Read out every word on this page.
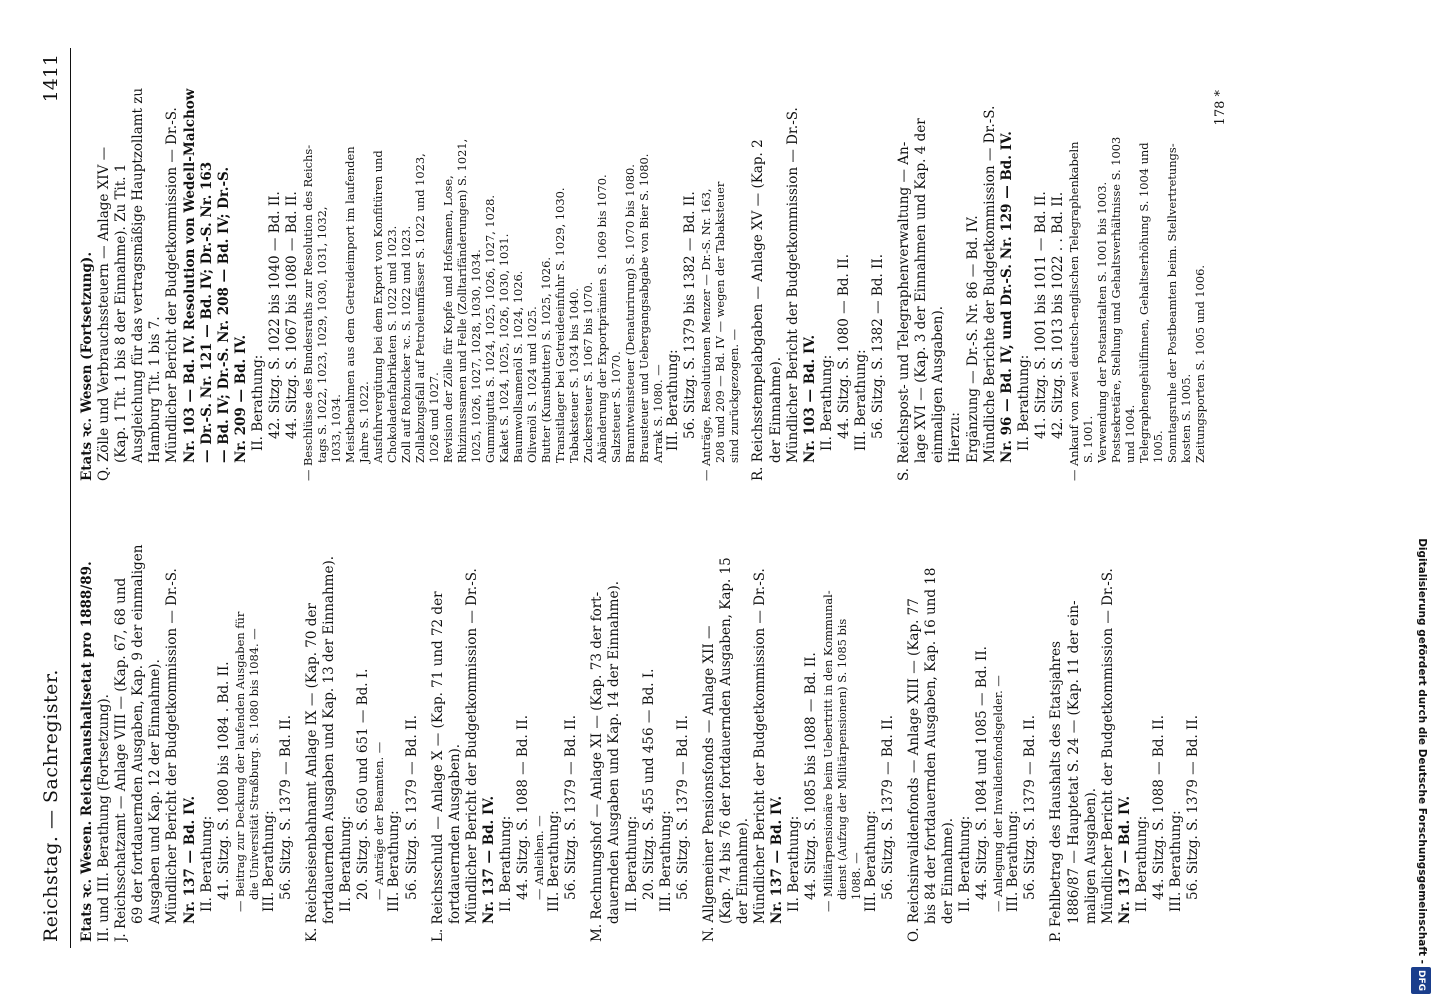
Reichstag. — Sachregister.
1411
Etats ꝛc. Wesen. Reichshaushaltsetat pro 1888/89. II. und III. Berathung (Fortsetzung). J. Reichsschatzamt — Anlage VIII — (Kap. 67, 68 und 69 der fortdauernden Ausgaben, Kap. 9 der einmaligen Ausgaben und Kap. 12 der Einnahme). Mündlicher Bericht der Budgetkommission — Dr.-S. Nr. 137 — Bd. IV. II. Berathung: 41. Sitzg. S. 1080 bis 1084 . Bd. II. — Beitrag zur Deckung der laufenden Ausgaben für die Universität Straßburg. S. 1080 bis 1084. — III. Berathung: 56. Sitzg. S. 1379 — Bd. II. K. Reichseisenbahnamt Anlage IX — (Kap. 70 der fortdauernden Ausgaben und Kap. 13 der Einnahme). II. Berathung: 20. Sitzg. S. 650 und 651 — Bd. I. — Anträge der Beamten. — III. Berathung: 56. Sitzg. S. 1379 — Bd. II. L. Reichsschuld — Anlage X — (Kap. 71 und 72 der fortdauernden Ausgaben). Mündlicher Bericht der Budgetkommission — Dr.-S. Nr. 137 — Bd. IV. II. Berathung: 44. Sitzg. S. 1088 — Bd. II. — Anleihen. — III. Berathung: 56. Sitzg. S. 1379 — Bd. II. M. Rechnungshof — Anlage XI — (Kap. 73 der fort- dauernden Ausgaben und Kap. 14 der Einnahme). II. Berathung: 20. Sitzg. S. 455 und 456 — Bd. I. III. Berathung: 56. Sitzg. S. 1379 — Bd. II. N. Allgemeiner Pensionsfonds — Anlage XII — (Kap. 74 bis 76 der fortdauernden Ausgaben, Kap. 15 der Einnahme). Mündlicher Bericht der Budgetkommission — Dr.-S. Nr. 137 — Bd. IV. II. Berathung: 44. Sitzg. S. 1085 bis 1088 — Bd. II. — Militärpensionäre beim Uebertritt in den Kommunal- dienst (Aufzug der Militärpensionen) S. 1085 bis 1088. — III. Berathung: 56. Sitzg. S. 1379 — Bd. II. O. Reichsinvalidenfonds — Anlage XIII — (Kap. 77 bis 84 der fortdauernden Ausgaben, Kap. 16 und 18 der Einnahme). II. Berathung: 44. Sitzg. S. 1084 und 1085 — Bd. II. — Anlegung der Invalidenfondsgelder. — III. Berathung: 56. Sitzg. S. 1379 — Bd. II. P. Fehlbetrag des Haushalts des Etatsjahres 1886/87 — Hauptetat S. 24 — (Kap. 11 der ein- maligen Ausgaben). Mündlicher Bericht der Budgetkommission — Dr.-S. Nr. 137 — Bd. IV. II. Berathung: 44. Sitzg. S. 1088 — Bd. II. III. Berathung: 56. Sitzg. S. 1379 — Bd. II.
Etats ꝛc. Wesen (Fortsetzung). Q. Zölle und Verbrauchssteuern — Anlage XIV — (Kap. 1 Tit. 1 bis 8 der Einnahme). Zu Tit. 1 Ausgleichung für das vertragsmäßige Hauptzollamt zu Hamburg Tit. 1 bis 7. Mündlicher Bericht der Budgetkommission — Dr.-S. Nr. 103 — Bd. IV. Resolution von Wedell-Malchow — Dr.-S. Nr. 121 — Bd. IV; Dr.-S. Nr. 163 — Bd. IV; Dr.-S. Nr. 208 — Bd. IV; Dr.-S. Nr. 209 — Bd. IV. II. Berathung: 42. Sitzg. S. 1022 bis 1040 — Bd. II. 44. Sitzg. S. 1067 bis 1080 — Bd. II. — Beschlüsse des Bundesraths zur Resolution des Reichs- tags S. 1022, 1023, 1029, 1030, 1031, 1032, 1033, 1034. Meistbenahmen aus dem Getreideimport im laufenden Jahre S. 1022. Ausfuhrvergütung bei dem Export von Konfitüren und Chokoladenfabrikaten S. 1022 und 1023. Zoll auf Rohzucker ꝛc. S. 1022 und 1023. Zollabzugsfall auf Petroleumfässer S. 1022 und 1023, 1026 und 1027. Revision der Zölle für Kopfe und Hofsamen, Lose, Rhizinussamen und Felle (Zolltarifänderungen) S. 1021, 1025, 1026, 1027, 1028, 1030, 1034. Gummigutta S. 1024, 1025, 1026, 1027, 1028. Kaket S. 1024, 1025, 1026, 1030, 1031. Baumwollsamenöl S. 1024, 1026. Olivenöl S. 1024 und 1025. Butter (Kunstbutter) S. 1025, 1026. Transitlager bei Getreideeinfuhr S. 1029, 1030. Tabaksteuer S. 1034 bis 1040. Zuckersteuer S. 1067 bis 1070. Abänderung der Exportprämien S. 1069 bis 1070. Salzsteuer S. 1070. Branntweinsteuer (Denaturirung) S. 1070 bis 1080. Brausteuer und Uebergangsabgabe von Bier S. 1080. Arrak S. 1080. — III. Berathung: 56. Sitzg. S. 1379 bis 1382 — Bd. II. — Anträge, Resolutionen Menzer — Dr.-S. Nr. 163, 208 und 209 — Bd. IV — wegen der Tabaksteuer sind zurückgezogen. — R. Reichsstempelabgaben — Anlage XV — (Kap. 2 der Einnahme). Mündlicher Bericht der Budgetkommission — Dr.-S. Nr. 103 — Bd. IV. II. Berathung: 44. Sitzg. S. 1080 — Bd. II. III. Berathung: 56. Sitzg. S. 1382 — Bd. II. S. Reichspost- und Telegraphenverwaltung — An- lage XVI — (Kap. 3 der Einnahmen und Kap. 4 der einmaligen Ausgaben). Hierzu: Ergänzung — Dr.-S. Nr. 86 — Bd. IV. Mündliche Berichte der Budgetkommission — Dr.-S. Nr. 96 — Bd. IV, und Dr.-S. Nr. 129 — Bd. IV. II. Berathung: 41. Sitzg. S. 1001 bis 1011 — Bd. II. 42. Sitzg. S. 1013 bis 1022 . . Bd. II. — Ankauf von zwei deutsch-englischen Telegraphenkabeln S. 1001. Verwendung der Postanstalten S. 1001 bis 1003. Postsekretäre, Stellung und Gehaltsverhältnisse S. 1003 und 1004. Telegraphengehülfinnen, Gehaltserhöhung S. 1004 und 1005. Sonntagsruhe der Postbeamten beim. Stellvertretungs- kosten S. 1005. Zeitungsporten S. 1005 und 1006.
178 *
Digitalisierung gefördert durch die Deutsche Forschungsgemeinschaft -DFG
